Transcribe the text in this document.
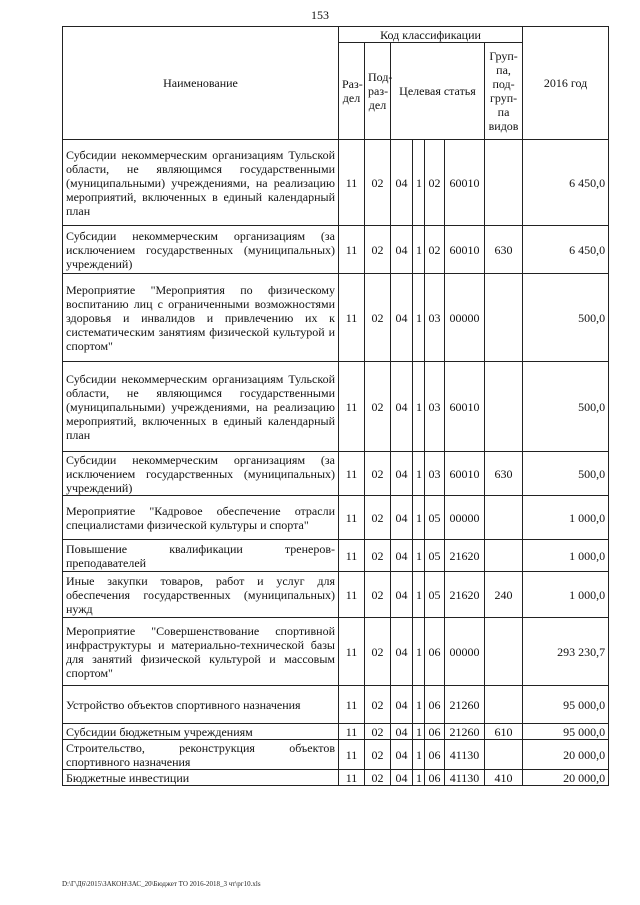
153
Наименование	Код классификации							2016 год
	Раз-дел	Под-раз-дел	Целевая статья				Груп-па, под-груп-па видов	
Субсидии некоммерческим организациям Тульской области, не являющимся государственными (муниципальными) учреждениями, на реализацию мероприятий, включенных в единый календарный план	11	02	04	1	02	60010		6 450,0
Субсидии некоммерческим организациям (за исключением государственных (муниципальных) учреждений)	11	02	04	1	02	60010	630	6 450,0
Мероприятие "Мероприятия по физическому воспитанию лиц с ограниченными возможностями здоровья и инвалидов и привлечению их к систематическим занятиям физической культурой и спортом"	11	02	04	1	03	00000		500,0
Субсидии некоммерческим организациям Тульской области, не являющимся государственными (муниципальными) учреждениями, на реализацию мероприятий, включенных в единый календарный план	11	02	04	1	03	60010		500,0
Субсидии некоммерческим организациям (за исключением государственных (муниципальных) учреждений)	11	02	04	1	03	60010	630	500,0
Мероприятие "Кадровое обеспечение отрасли специалистами физической культуры и спорта"	11	02	04	1	05	00000		1 000,0
Повышение квалификации тренеров-преподавателей	11	02	04	1	05	21620		1 000,0
Иные закупки товаров, работ и услуг для обеспечения государственных (муниципальных) нужд	11	02	04	1	05	21620	240	1 000,0
Мероприятие "Совершенствование спортивной инфраструктуры и материально-технической базы для занятий физической культурой и массовым спортом"	11	02	04	1	06	00000		293 230,7
Устройство объектов спортивного назначения	11	02	04	1	06	21260		95 000,0
Субсидии бюджетным учреждениям	11	02	04	1	06	21260	610	95 000,0
Строительство, реконструкция объектов спортивного назначения	11	02	04	1	06	41130		20 000,0
Бюджетные инвестиции	11	02	04	1	06	41130	410	20 000,0
D:\Г\Д6\2015\ЗАКОН\ЗАС_20\Бюджет ТО 2016-2018_3 чт\рг10.xls
